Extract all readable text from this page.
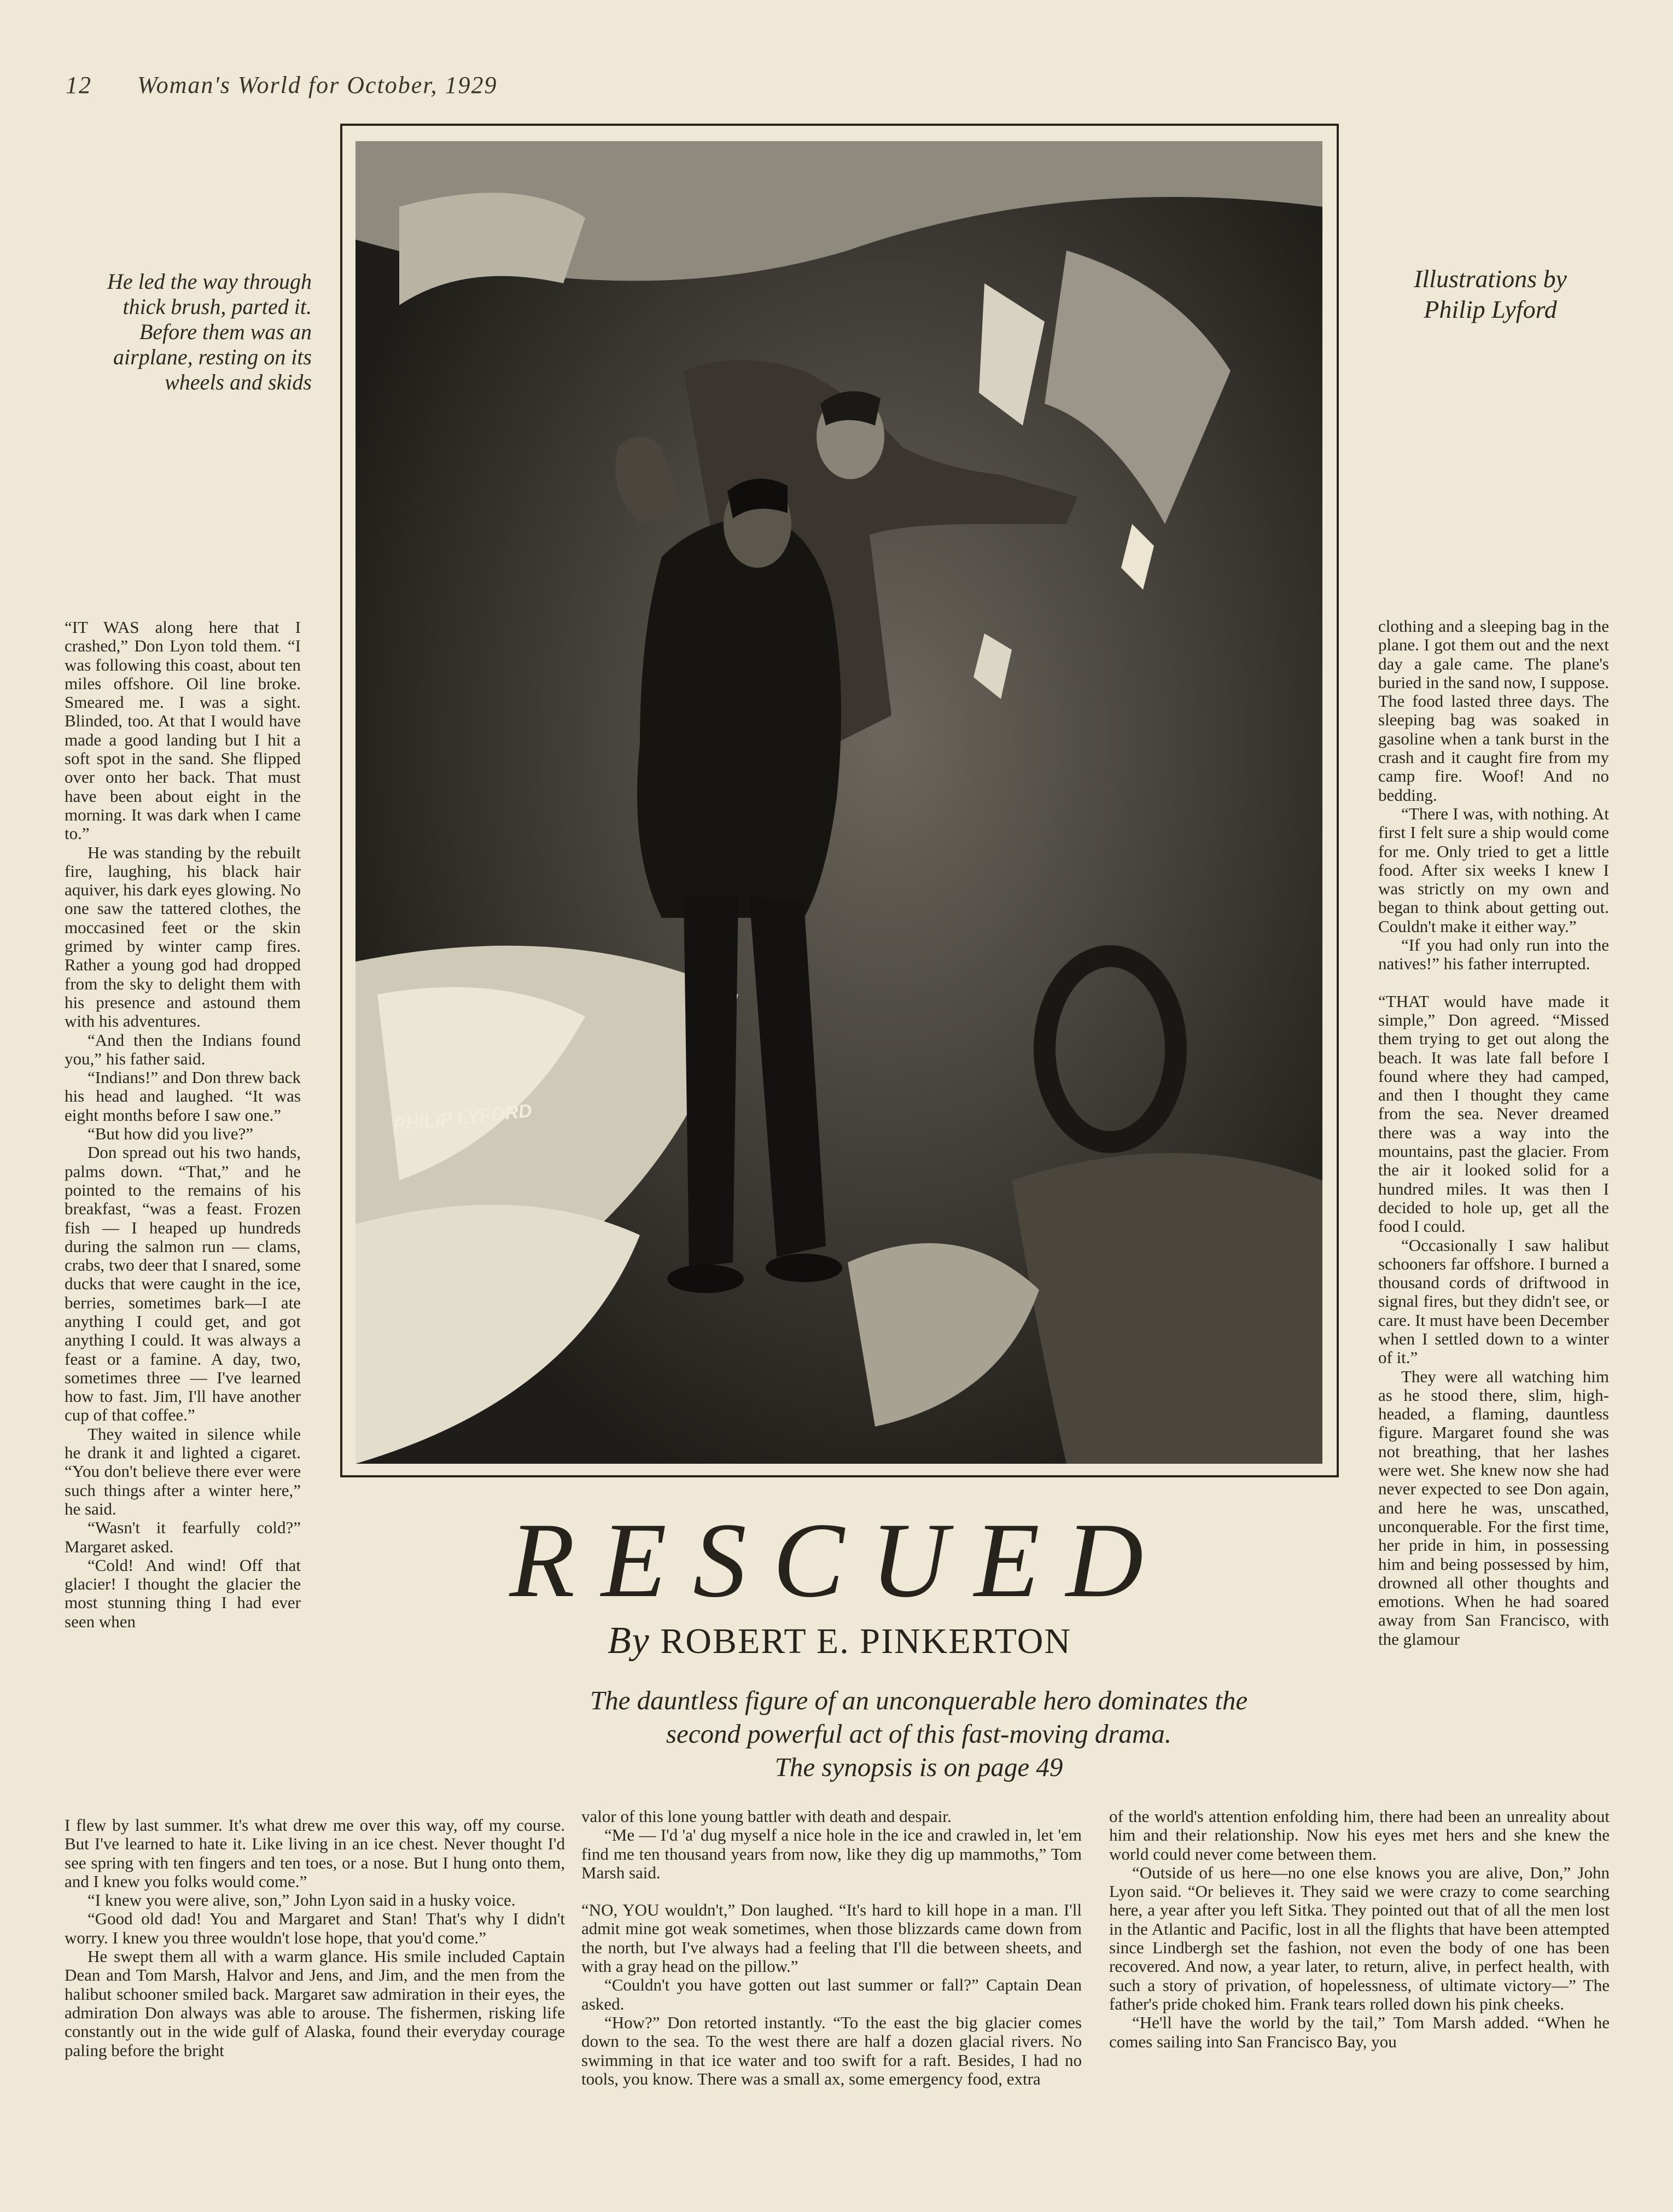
12 Woman's World for October, 1929
PHILIP LYFORD
He led the way through thick brush, parted it. Before them was an airplane, resting on its wheels and skids
Illustrations by
Philip Lyford

“IT WAS along here that I crashed,” Don Lyon told them. “I was following this coast, about ten miles offshore. Oil line broke. Smeared me. I was a sight. Blinded, too. At that I would have made a good landing but I hit a soft spot in the sand. She flipped over onto her back. That must have been about eight in the morning. It was dark when I came to.”

He was standing by the rebuilt fire, laughing, his black hair aquiver, his dark eyes glowing. No one saw the tattered clothes, the moccasined feet or the skin grimed by winter camp fires. Rather a young god had dropped from the sky to delight them with his presence and astound them with his adventures.

“And then the Indians found you,” his father said.

“Indians!” and Don threw back his head and laughed. “It was eight months before I saw one.”

“But how did you live?”

Don spread out his two hands, palms down. “That,” and he pointed to the remains of his breakfast, “was a feast. Frozen fish — I heaped up hundreds during the salmon run — clams, crabs, two deer that I snared, some ducks that were caught in the ice, berries, sometimes bark—I ate anything I could get, and got anything I could. It was always a feast or a famine. A day, two, sometimes three — I've learned how to fast. Jim, I'll have another cup of that coffee.”

They waited in silence while he drank it and lighted a cigaret. “You don't believe there ever were such things after a winter here,” he said.

“Wasn't it fearfully cold?” Margaret asked.

“Cold! And wind! Off that glacier! I thought the glacier the most stunning thing I had ever seen when

clothing and a sleeping bag in the plane. I got them out and the next day a gale came. The plane's buried in the sand now, I suppose. The food lasted three days. The sleeping bag was soaked in gasoline when a tank burst in the crash and it caught fire from my camp fire. Woof! And no bedding.

“There I was, with nothing. At first I felt sure a ship would come for me. Only tried to get a little food. After six weeks I knew I was strictly on my own and began to think about getting out. Couldn't make it either way.”

“If you had only run into the natives!” his father interrupted.

“THAT would have made it simple,” Don agreed. “Missed them trying to get out along the beach. It was late fall before I found where they had camped, and then I thought they came from the sea. Never dreamed there was a way into the mountains, past the glacier. From the air it looked solid for a hundred miles. It was then I decided to hole up, get all the food I could.

“Occasionally I saw halibut schooners far offshore. I burned a thousand cords of driftwood in signal fires, but they didn't see, or care. It must have been December when I settled down to a winter of it.”

They were all watching him as he stood there, slim, high-headed, a flaming, dauntless figure. Margaret found she was not breathing, that her lashes were wet. She knew now she had never expected to see Don again, and here he was, unscathed, unconquerable. For the first time, her pride in him, in possessing him and being possessed by him, drowned all other thoughts and emotions. When he had soared away from San Francisco, with the glamour

RESCUED
By ROBERT E. PINKERTON
The dauntless figure of an unconquerable hero dominates the
second powerful act of this fast-moving drama.
The synopsis is on page 49

I flew by last summer. It's what drew me over this way, off my course. But I've learned to hate it. Like living in an ice chest. Never thought I'd see spring with ten fingers and ten toes, or a nose. But I hung onto them, and I knew you folks would come.”

“I knew you were alive, son,” John Lyon said in a husky voice.

“Good old dad! You and Margaret and Stan! That's why I didn't worry. I knew you three wouldn't lose hope, that you'd come.”

He swept them all with a warm glance. His smile included Captain Dean and Tom Marsh, Halvor and Jens, and Jim, and the men from the halibut schooner smiled back. Margaret saw admiration in their eyes, the admiration Don always was able to arouse. The fishermen, risking life constantly out in the wide gulf of Alaska, found their everyday courage paling before the bright

valor of this lone young battler with death and despair.

“Me — I'd 'a' dug myself a nice hole in the ice and crawled in, let 'em find me ten thousand years from now, like they dig up mammoths,” Tom Marsh said.

“NO, YOU wouldn't,” Don laughed. “It's hard to kill hope in a man. I'll admit mine got weak sometimes, when those blizzards came down from the north, but I've always had a feeling that I'll die between sheets, and with a gray head on the pillow.”

“Couldn't you have gotten out last summer or fall?” Captain Dean asked.

“How?” Don retorted instantly. “To the east the big glacier comes down to the sea. To the west there are half a dozen glacial rivers. No swimming in that ice water and too swift for a raft. Besides, I had no tools, you know. There was a small ax, some emergency food, extra

of the world's attention enfolding him, there had been an unreality about him and their relationship. Now his eyes met hers and she knew the world could never come between them.

“Outside of us here—no one else knows you are alive, Don,” John Lyon said. “Or believes it. They said we were crazy to come searching here, a year after you left Sitka. They pointed out that of all the men lost in the Atlantic and Pacific, lost in all the flights that have been attempted since Lindbergh set the fashion, not even the body of one has been recovered. And now, a year later, to return, alive, in perfect health, with such a story of privation, of hopelessness, of ultimate victory—” The father's pride choked him. Frank tears rolled down his pink cheeks.

“He'll have the world by the tail,” Tom Marsh added. “When he comes sailing into San Francisco Bay, you
